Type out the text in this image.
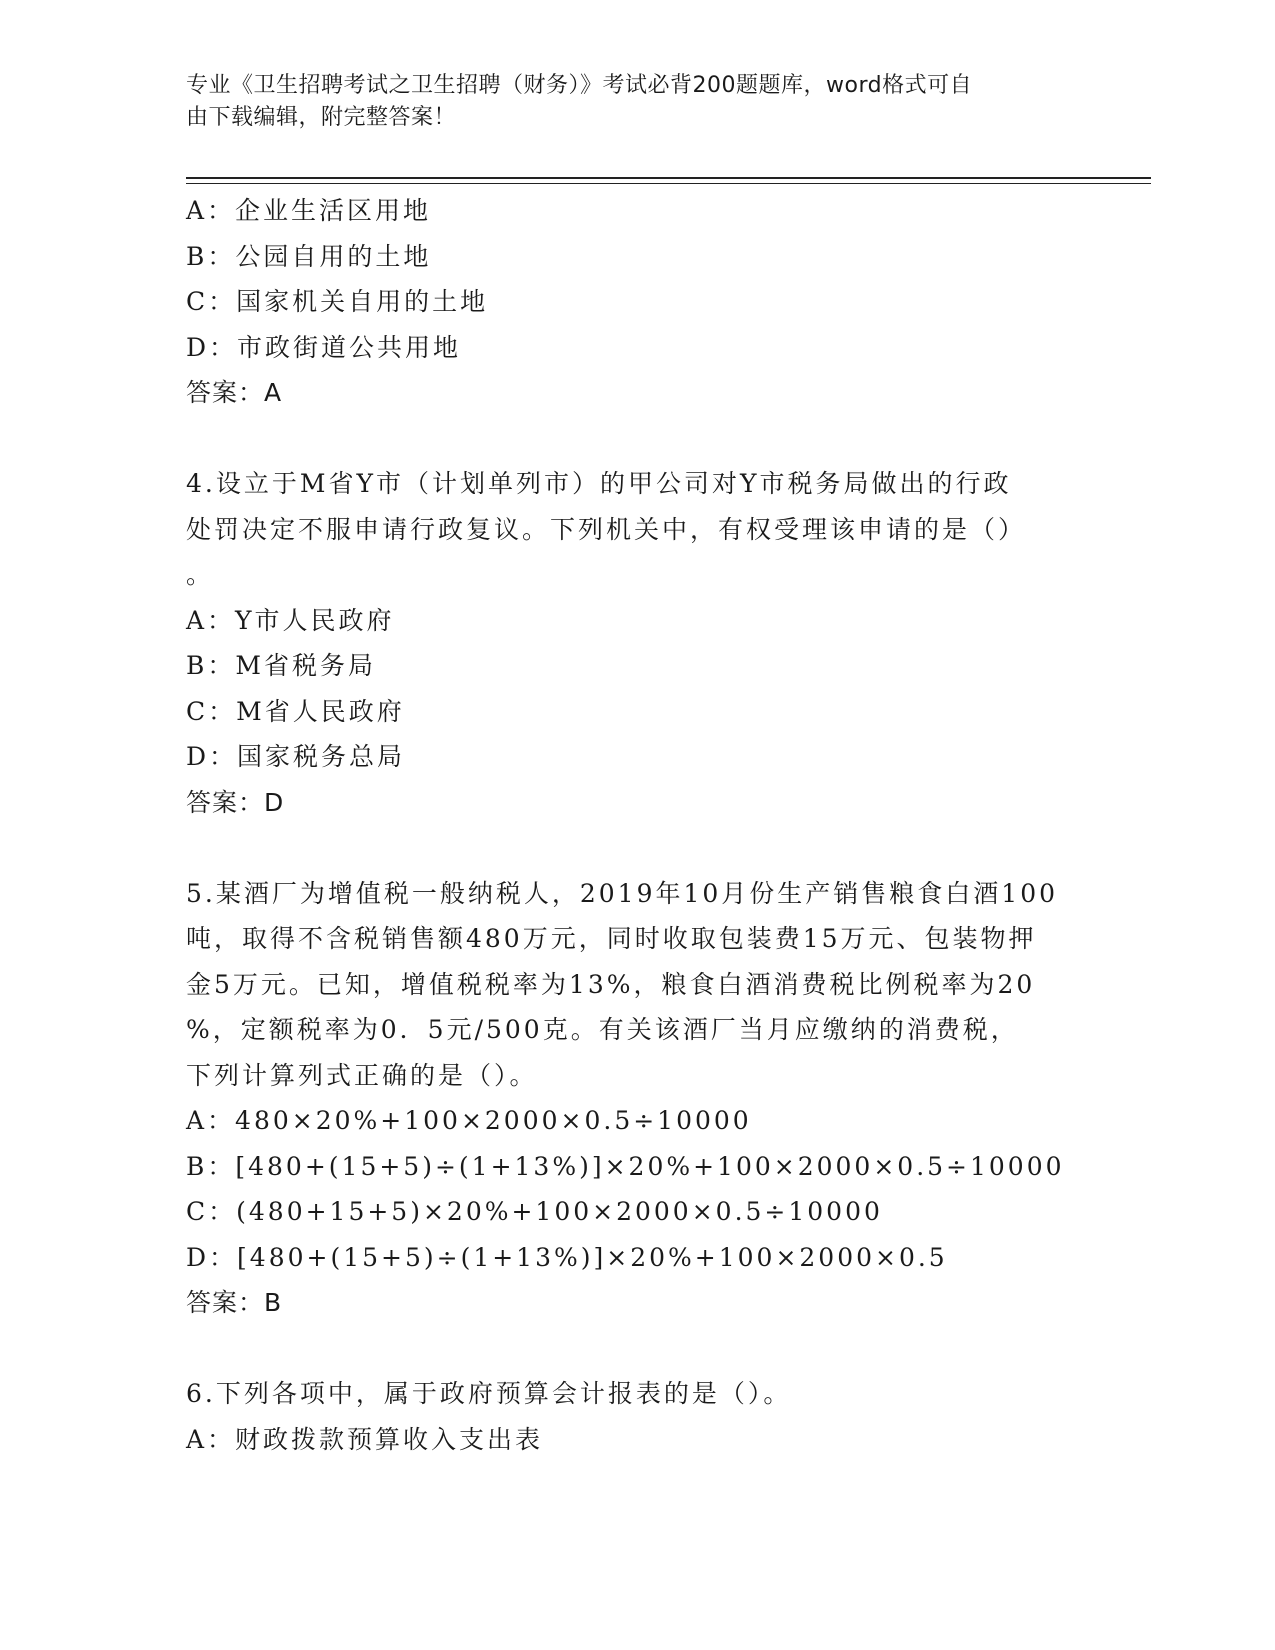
专业《卫生招聘考试之卫生招聘（财务）》考试必背200题题库，word格式可自
由下载编辑，附完整答案！
A：企业生活区用地
B：公园自用的土地
C：国家机关自用的土地
D：市政街道公共用地
答案：A
4.设立于M省Y市（计划单列市）的甲公司对Y市税务局做出的行政
处罚决定不服申请行政复议。下列机关中，有权受理该申请的是（）
。
A：Y市人民政府
B：M省税务局
C：M省人民政府
D：国家税务总局
答案：D
5.某酒厂为增值税一般纳税人，2019年10月份生产销售粮食白酒100
吨，取得不含税销售额480万元，同时收取包装费15万元、包装物押
金5万元。已知，增值税税率为13%，粮食白酒消费税比例税率为20
%，定额税率为0．5元/500克。有关该酒厂当月应缴纳的消费税，
下列计算列式正确的是（）。
A：480×20%+100×2000×0.5÷10000
B：[480+(15+5)÷(1+13%)]×20%+100×2000×0.5÷10000
C：(480+15+5)×20%+100×2000×0.5÷10000
D：[480+(15+5)÷(1+13%)]×20%+100×2000×0.5
答案：B
6.下列各项中，属于政府预算会计报表的是（）。
A：财政拨款预算收入支出表
